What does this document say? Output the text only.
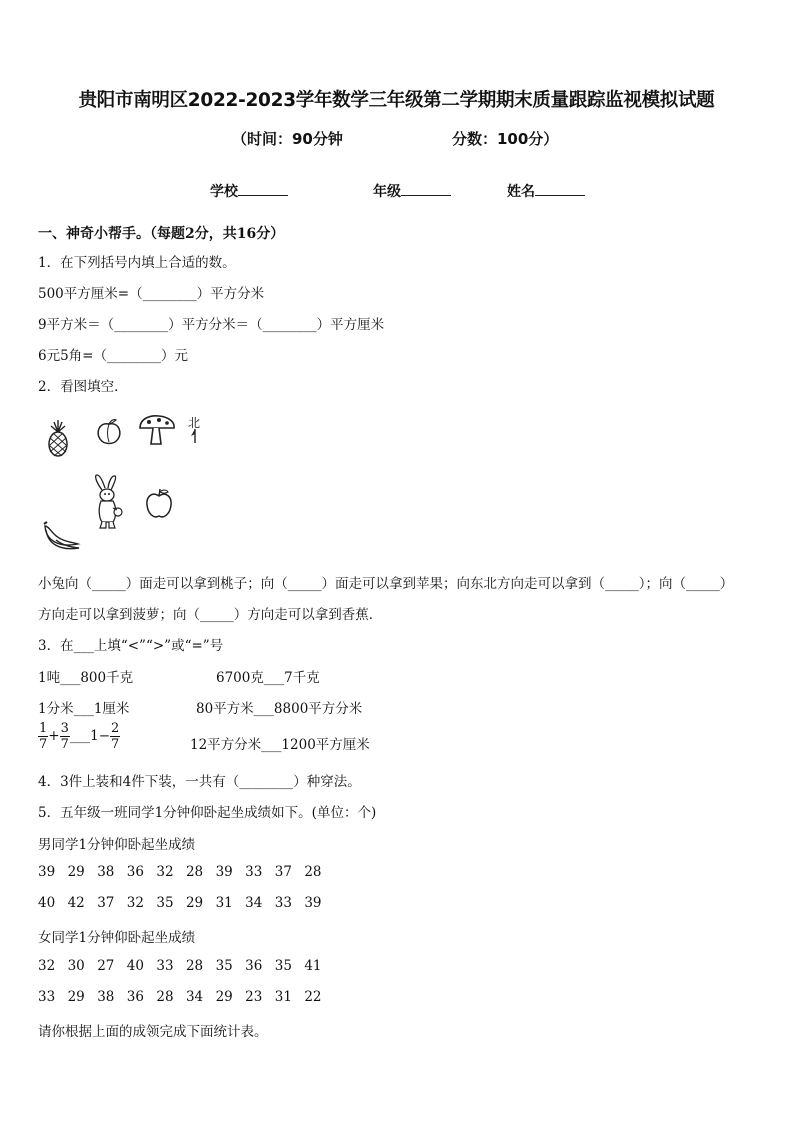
贵阳市南明区2022-2023学年数学三年级第二学期期末质量跟踪监视模拟试题
（时间：90分钟	分数：100分）
学校	年级	姓名
一、神奇小帮手。（每题2分，共16分）
1．在下列括号内填上合适的数。
500平方厘米=（________）平方分米
9平方米＝（________）平方分米＝（________）平方厘米
6元5角=（________）元
2．看图填空．
北
小兔向（_____）面走可以拿到桃子；向（_____）面走可以拿到苹果；向东北方向走可以拿到（_____）；向（_____）
方向走可以拿到菠萝；向（_____）方向走可以拿到香蕉．
3．在___上填“<”“>”或“=”号
1吨___800千克	6700克___7千克
1分米___1厘米	80平方米___8800平方分米
$\frac{1}{7} + \frac{3}{7}$ ___1− $\frac{2}{7}$	12平方分米___1200平方厘米
4．3件上装和4件下装，一共有（________）种穿法。
5．五年级一班同学1分钟仰卧起坐成绩如下。(单位：个)
男同学1分钟仰卧起坐成绩
39 29 38 36 32 28 39 33 37 28
40 42 37 32 35 29 31 34 33 39
女同学1分钟仰卧起坐成绩
32 30 27 40 33 28 35 36 35 41
33 29 38 36 28 34 29 23 31 22
请你根据上面的成领完成下面统计表。
